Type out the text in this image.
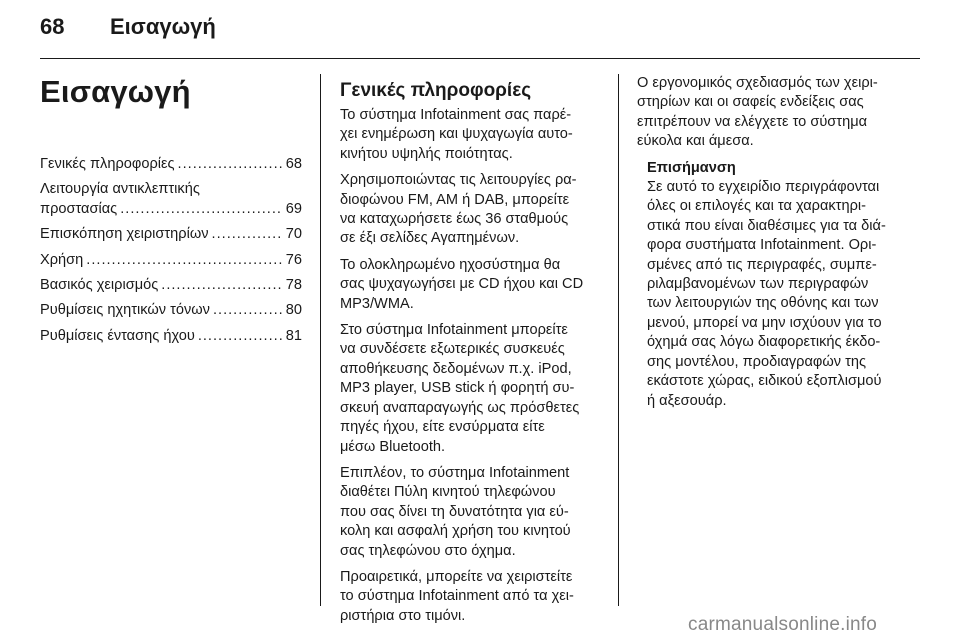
68	Εισαγωγή
Εισαγωγή
Γενικές πληροφορίες .....	68
Λειτουργία αντικλεπτικής
προστασίας .....	69
Επισκόπηση χειριστηρίων .....	70
Χρήση .....	76
Βασικός χειρισμός .....	78
Ρυθμίσεις ηχητικών τόνων .....	80
Ρυθμίσεις έντασης ήχου .....	81
Γενικές πληροφορίες
Το σύστημα Infotainment σας παρέ-
χει ενημέρωση και ψυχαγωγία αυτο-
κινήτου υψηλής ποιότητας.
Χρησιμοποιώντας τις λειτουργίες ρα-
διοφώνου FM, AM ή DAB, μπορείτε
να καταχωρήσετε έως 36 σταθμούς
σε έξι σελίδες Αγαπημένων.
Το ολοκληρωμένο ηχοσύστημα θα
σας ψυχαγωγήσει με CD ήχου και CD
MP3/WMA.
Στο σύστημα Infotainment μπορείτε
να συνδέσετε εξωτερικές συσκευές
αποθήκευσης δεδομένων π.χ. iPod,
MP3 player, USB stick ή φορητή συ-
σκευή αναπαραγωγής ως πρόσθετες
πηγές ήχου, είτε ενσύρματα είτε
μέσω Bluetooth.
Επιπλέον, το σύστημα Infotainment
διαθέτει Πύλη κινητού τηλεφώνου
που σας δίνει τη δυνατότητα για εύ-
κολη και ασφαλή χρήση του κινητού
σας τηλεφώνου στο όχημα.
Προαιρετικά, μπορείτε να χειριστείτε
το σύστημα Infotainment από τα χει-
ριστήρια στο τιμόνι.
Ο εργονομικός σχεδιασμός των χειρι-
στηρίων και οι σαφείς ενδείξεις σας
επιτρέπουν να ελέγχετε το σύστημα
εύκολα και άμεσα.
Επισήμανση
Σε αυτό το εγχειρίδιο περιγράφονται
όλες οι επιλογές και τα χαρακτηρι-
στικά που είναι διαθέσιμες για τα διά-
φορα συστήματα Infotainment. Ορι-
σμένες από τις περιγραφές, συμπε-
ριλαμβανομένων των περιγραφών
των λειτουργιών της οθόνης και των
μενού, μπορεί να μην ισχύουν για το
όχημά σας λόγω διαφορετικής έκδο-
σης μοντέλου, προδιαγραφών της
εκάστοτε χώρας, ειδικού εξοπλισμού
ή αξεσουάρ.
carmanualsonline.info
